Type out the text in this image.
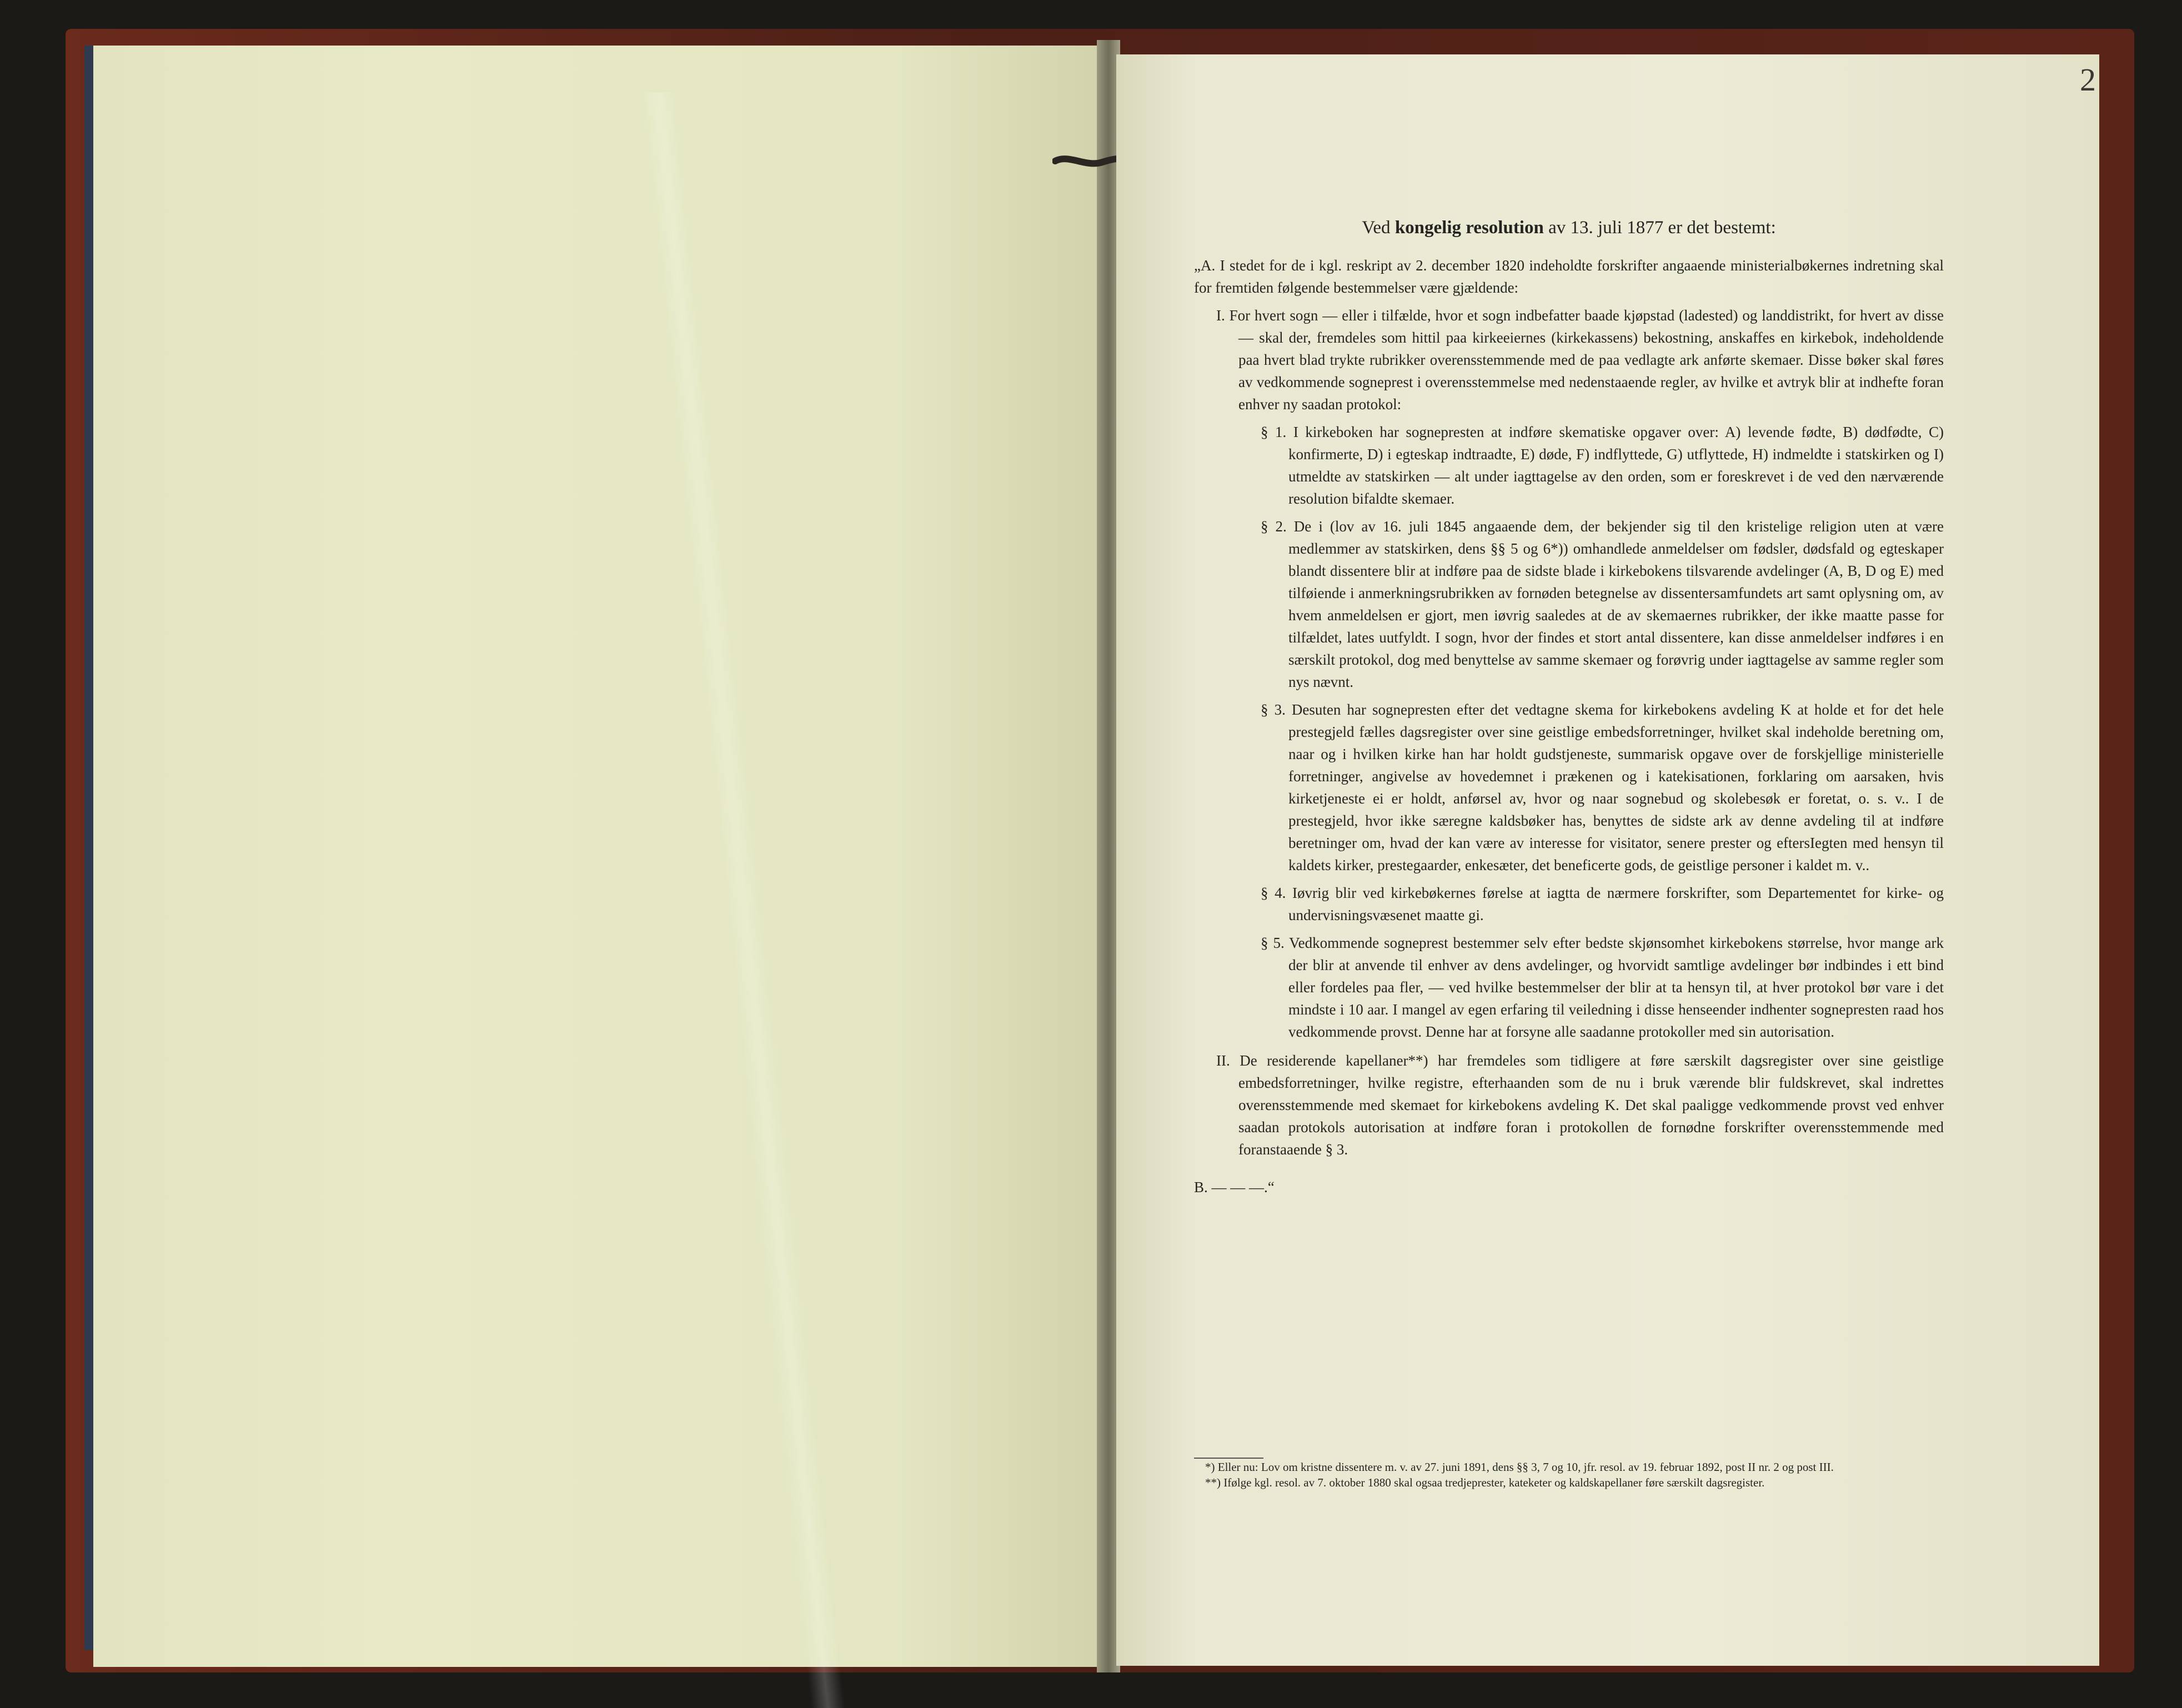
2

Ved kongelig resolution av 13. juli 1877 er det bestemt:

„A. I stedet for de i kgl. reskript av 2. december 1820 indeholdte forskrifter angaaende ministerialbøkernes indretning skal for fremtiden følgende bestemmelser være gjældende:

I. For hvert sogn — eller i tilfælde, hvor et sogn indbefatter baade kjøpstad (ladested) og landdistrikt, for hvert av disse — skal der, fremdeles som hittil paa kirkeeiernes (kirkekassens) bekostning, anskaffes en kirkebok, indeholdende paa hvert blad trykte rubrikker overensstemmende med de paa vedlagte ark anførte skemaer. Disse bøker skal føres av vedkommende sogneprest i overensstemmelse med nedenstaaende regler, av hvilke et avtryk blir at indhefte foran enhver ny saadan protokol:

§ 1. I kirkeboken har sognepresten at indføre skematiske opgaver over: A) levende fødte, B) dødfødte, C) konfirmerte, D) i egteskap indtraadte, E) døde, F) indflyttede, G) utflyttede, H) indmeldte i statskirken og I) utmeldte av statskirken — alt under iagttagelse av den orden, som er foreskrevet i de ved den nærværende resolution bifaldte skemaer.

§ 2. De i (lov av 16. juli 1845 angaaende dem, der bekjender sig til den kristelige religion uten at være medlemmer av statskirken, dens §§ 5 og 6*)) omhandlede anmeldelser om fødsler, dødsfald og egteskaper blandt dissentere blir at indføre paa de sidste blade i kirkebokens tilsvarende avdelinger (A, B, D og E) med tilføiende i anmerkningsrubrikken av fornøden betegnelse av dissentersamfundets art samt oplysning om, av hvem anmeldelsen er gjort, men iøvrig saaledes at de av skemaernes rubrikker, der ikke maatte passe for tilfældet, lates uutfyldt. I sogn, hvor der findes et stort antal dissentere, kan disse anmeldelser indføres i en særskilt protokol, dog med benyttelse av samme skemaer og forøvrig under iagttagelse av samme regler som nys nævnt.

§ 3. Desuten har sognepresten efter det vedtagne skema for kirkebokens avdeling K at holde et for det hele prestegjeld fælles dagsregister over sine geistlige embedsforretninger, hvilket skal indeholde beretning om, naar og i hvilken kirke han har holdt gudstjeneste, summarisk opgave over de forskjellige ministerielle forretninger, angivelse av hovedemnet i prækenen og i katekisationen, forklaring om aarsaken, hvis kirketjeneste ei er holdt, anførsel av, hvor og naar sognebud og skolebesøk er foretat, o. s. v.. I de prestegjeld, hvor ikke særegne kaldsbøker has, benyttes de sidste ark av denne avdeling til at indføre beretninger om, hvad der kan være av interesse for visitator, senere prester og eftersIegten med hensyn til kaldets kirker, prestegaarder, enkesæter, det beneficerte gods, de geistlige personer i kaldet m. v..

§ 4. Iøvrig blir ved kirkebøkernes førelse at iagtta de nærmere forskrifter, som Departementet for kirke- og undervisningsvæsenet maatte gi.

§ 5. Vedkommende sogneprest bestemmer selv efter bedste skjønsomhet kirkebokens størrelse, hvor mange ark der blir at anvende til enhver av dens avdelinger, og hvorvidt samtlige avdelinger bør indbindes i ett bind eller fordeles paa fler, — ved hvilke bestemmelser der blir at ta hensyn til, at hver protokol bør vare i det mindste i 10 aar. I mangel av egen erfaring til veiledning i disse henseender indhenter sognepresten raad hos vedkommende provst. Denne har at forsyne alle saadanne protokoller med sin autorisation.

II. De residerende kapellaner**) har fremdeles som tidligere at føre særskilt dagsregister over sine geistlige embedsforretninger, hvilke registre, efterhaanden som de nu i bruk værende blir fuldskrevet, skal indrettes overensstemmende med skemaet for kirkebokens avdeling K. Det skal paaligge vedkommende provst ved enhver saadan protokols autorisation at indføre foran i protokollen de fornødne forskrifter overensstemmende med foranstaaende § 3.

B. — — —.“

*) Eller nu: Lov om kristne dissentere m. v. av 27. juni 1891, dens §§ 3, 7 og 10, jfr. resol. av 19. februar 1892, post II nr. 2 og post III.

**) Ifølge kgl. resol. av 7. oktober 1880 skal ogsaa tredjeprester, kateketer og kaldskapellaner føre særskilt dagsregister.
